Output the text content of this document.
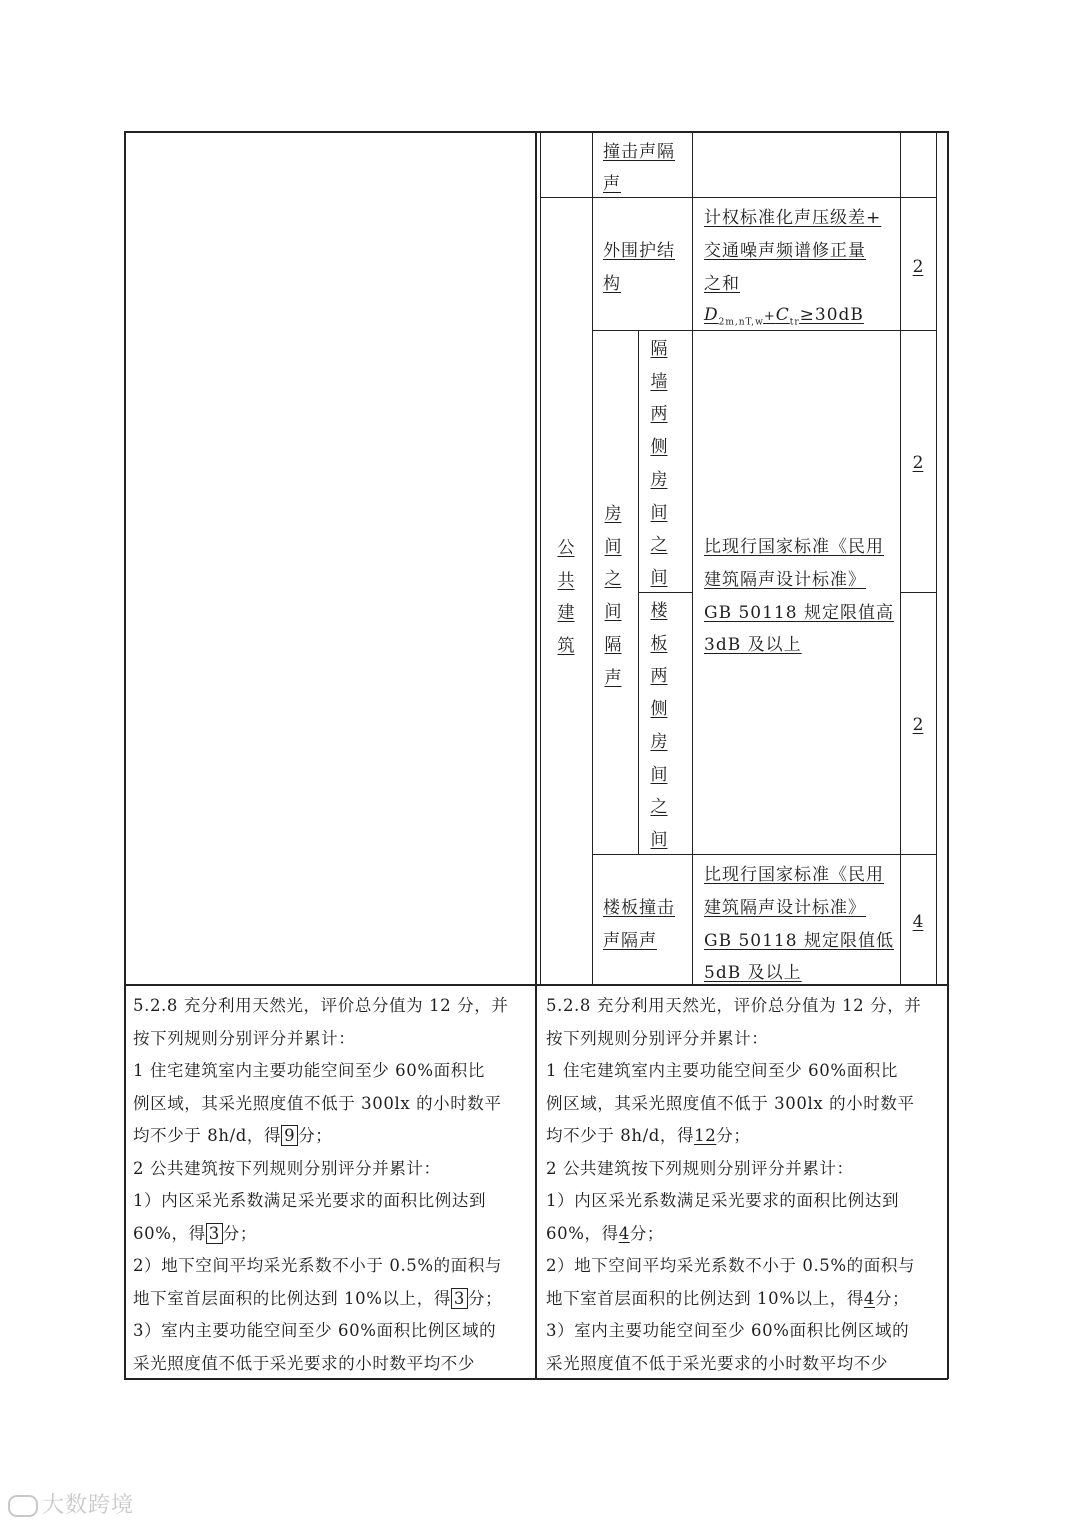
撞击声隔
声
公
共
建
筑
外围护结
构
计权标准化声压级差+
交通噪声频谱修正量
之和
$D_{2m,nT,w}+C_{tr}\ge 30dB$
2
房
间
之
间
隔
声
隔
墙
两
侧
房
间
之
间
2
楼
板
两
侧
房
间
之
间
2
比现行国家标准《民用
建筑隔声设计标准》
GB 50118 规定限值高
3dB 及以上
楼板撞击
声隔声
比现行国家标准《民用
建筑隔声设计标准》
GB 50118 规定限值低
5dB 及以上
4
5.2.8 充分利用天然光，评价总分值为 12 分，并
按下列规则分别评分并累计：
1 住宅建筑室内主要功能空间至少 60%面积比
例区域，其采光照度值不低于 300lx 的小时数平
均不少于 8h/d，得 9 分；
2 公共建筑按下列规则分别评分并累计：
1）内区采光系数满足采光要求的面积比例达到
60%，得 3 分；
2）地下空间平均采光系数不小于 0.5%的面积与
地下室首层面积的比例达到 10%以上，得 3 分；
3）室内主要功能空间至少 60%面积比例区域的
采光照度值不低于采光要求的小时数平均不少
5.2.8 充分利用天然光，评价总分值为 12 分，并
按下列规则分别评分并累计：
1 住宅建筑室内主要功能空间至少 60%面积比
例区域，其采光照度值不低于 300lx 的小时数平
均不少于 8h/d，得12分；
2 公共建筑按下列规则分别评分并累计：
1）内区采光系数满足采光要求的面积比例达到
60%，得4分；
2）地下空间平均采光系数不小于 0.5%的面积与
地下室首层面积的比例达到 10%以上，得4分；
3）室内主要功能空间至少 60%面积比例区域的
采光照度值不低于采光要求的小时数平均不少
大数跨境
